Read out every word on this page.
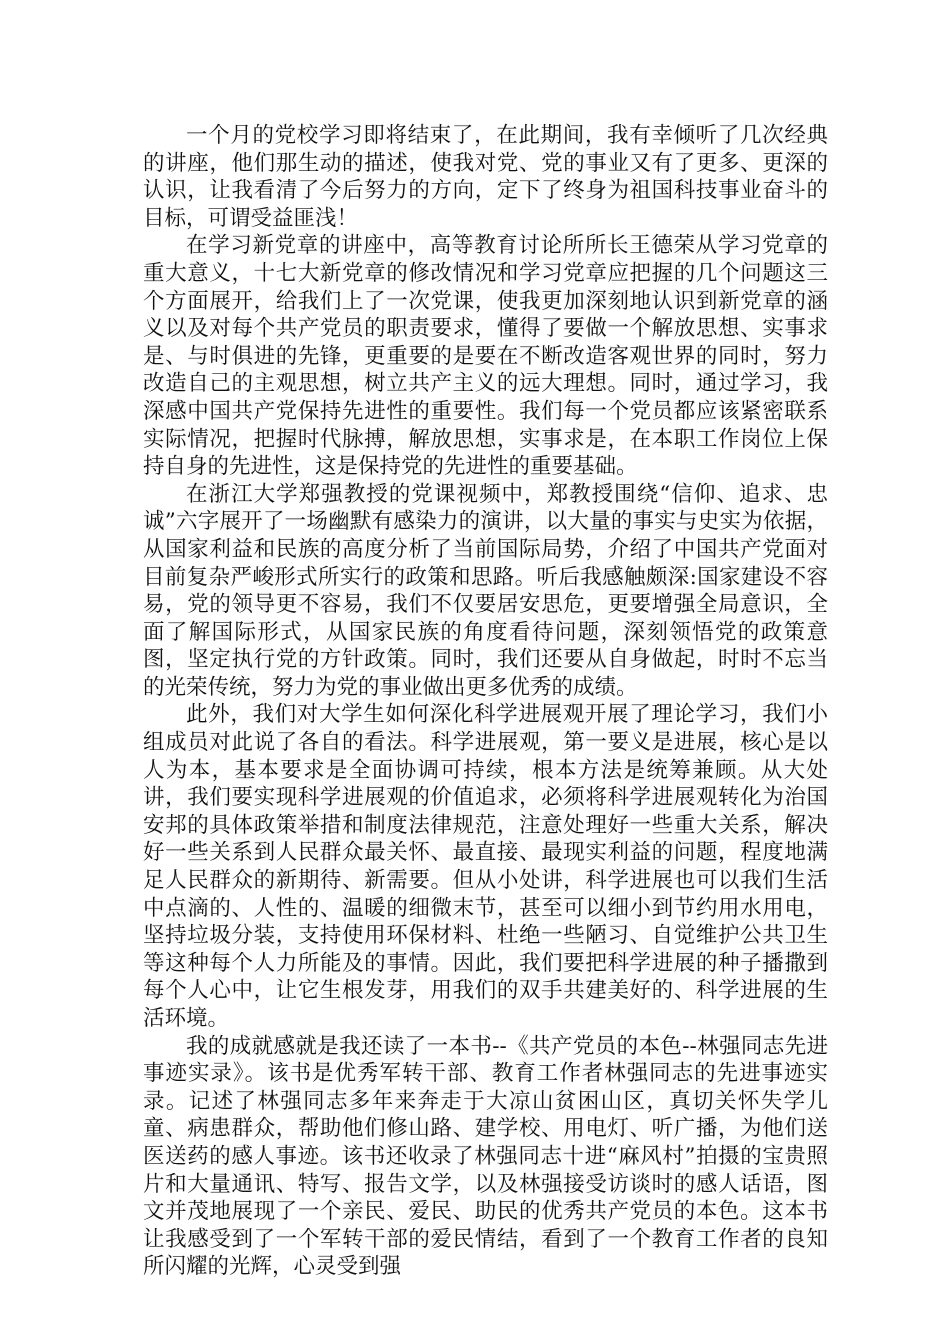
一个月的党校学习即将结束了，在此期间，我有幸倾听了几次经典的讲座，他们那生动的描述，使我对党、党的事业又有了更多、更深的认识，让我看清了今后努力的方向，定下了终身为祖国科技事业奋斗的目标，可谓受益匪浅！

在学习新党章的讲座中，高等教育讨论所所长王德荣从学习党章的重大意义，十七大新党章的修改情况和学习党章应把握的几个问题这三个方面展开，给我们上了一次党课，使我更加深刻地认识到新党章的涵义以及对每个共产党员的职责要求，懂得了要做一个解放思想、实事求是、与时俱进的先锋，更重要的是要在不断改造客观世界的同时，努力改造自己的主观思想，树立共产主义的远大理想。同时，通过学习，我深感中国共产党保持先进性的重要性。我们每一个党员都应该紧密联系实际情况，把握时代脉搏，解放思想，实事求是，在本职工作岗位上保持自身的先进性，这是保持党的先进性的重要基础。

在浙江大学郑强教授的党课视频中，郑教授围绕“信仰、追求、忠诚”六字展开了一场幽默有感染力的演讲，以大量的事实与史实为依据，从国家利益和民族的高度分析了当前国际局势，介绍了中国共产党面对目前复杂严峻形式所实行的政策和思路。听后我感触颇深:国家建设不容易，党的领导更不容易，我们不仅要居安思危，更要增强全局意识，全面了解国际形式，从国家民族的角度看待问题，深刻领悟党的政策意图，坚定执行党的方针政策。同时，我们还要从自身做起，时时不忘当的光荣传统，努力为党的事业做出更多优秀的成绩。

此外，我们对大学生如何深化科学进展观开展了理论学习，我们小组成员对此说了各自的看法。科学进展观，第一要义是进展，核心是以人为本，基本要求是全面协调可持续，根本方法是统筹兼顾。从大处讲，我们要实现科学进展观的价值追求，必须将科学进展观转化为治国安邦的具体政策举措和制度法律规范，注意处理好一些重大关系，解决好一些关系到人民群众最关怀、最直接、最现实利益的问题，程度地满足人民群众的新期待、新需要。但从小处讲，科学进展也可以我们生活中点滴的、人性的、温暖的细微末节，甚至可以细小到节约用水用电，坚持垃圾分装，支持使用环保材料、杜绝一些陋习、自觉维护公共卫生等这种每个人力所能及的事情。因此，我们要把科学进展的种子播撒到每个人心中，让它生根发芽，用我们的双手共建美好的、科学进展的生活环境。

我的成就感就是我还读了一本书--《共产党员的本色--林强同志先进事迹实录》。该书是优秀军转干部、教育工作者林强同志的先进事迹实录。记述了林强同志多年来奔走于大凉山贫困山区，真切关怀失学儿童、病患群众，帮助他们修山路、建学校、用电灯、听广播，为他们送医送药的感人事迹。该书还收录了林强同志十进“麻风村”拍摄的宝贵照片和大量通讯、特写、报告文学，以及林强接受访谈时的感人话语，图文并茂地展现了一个亲民、爱民、助民的优秀共产党员的本色。这本书让我感受到了一个军转干部的爱民情结，看到了一个教育工作者的良知所闪耀的光辉，心灵受到强
